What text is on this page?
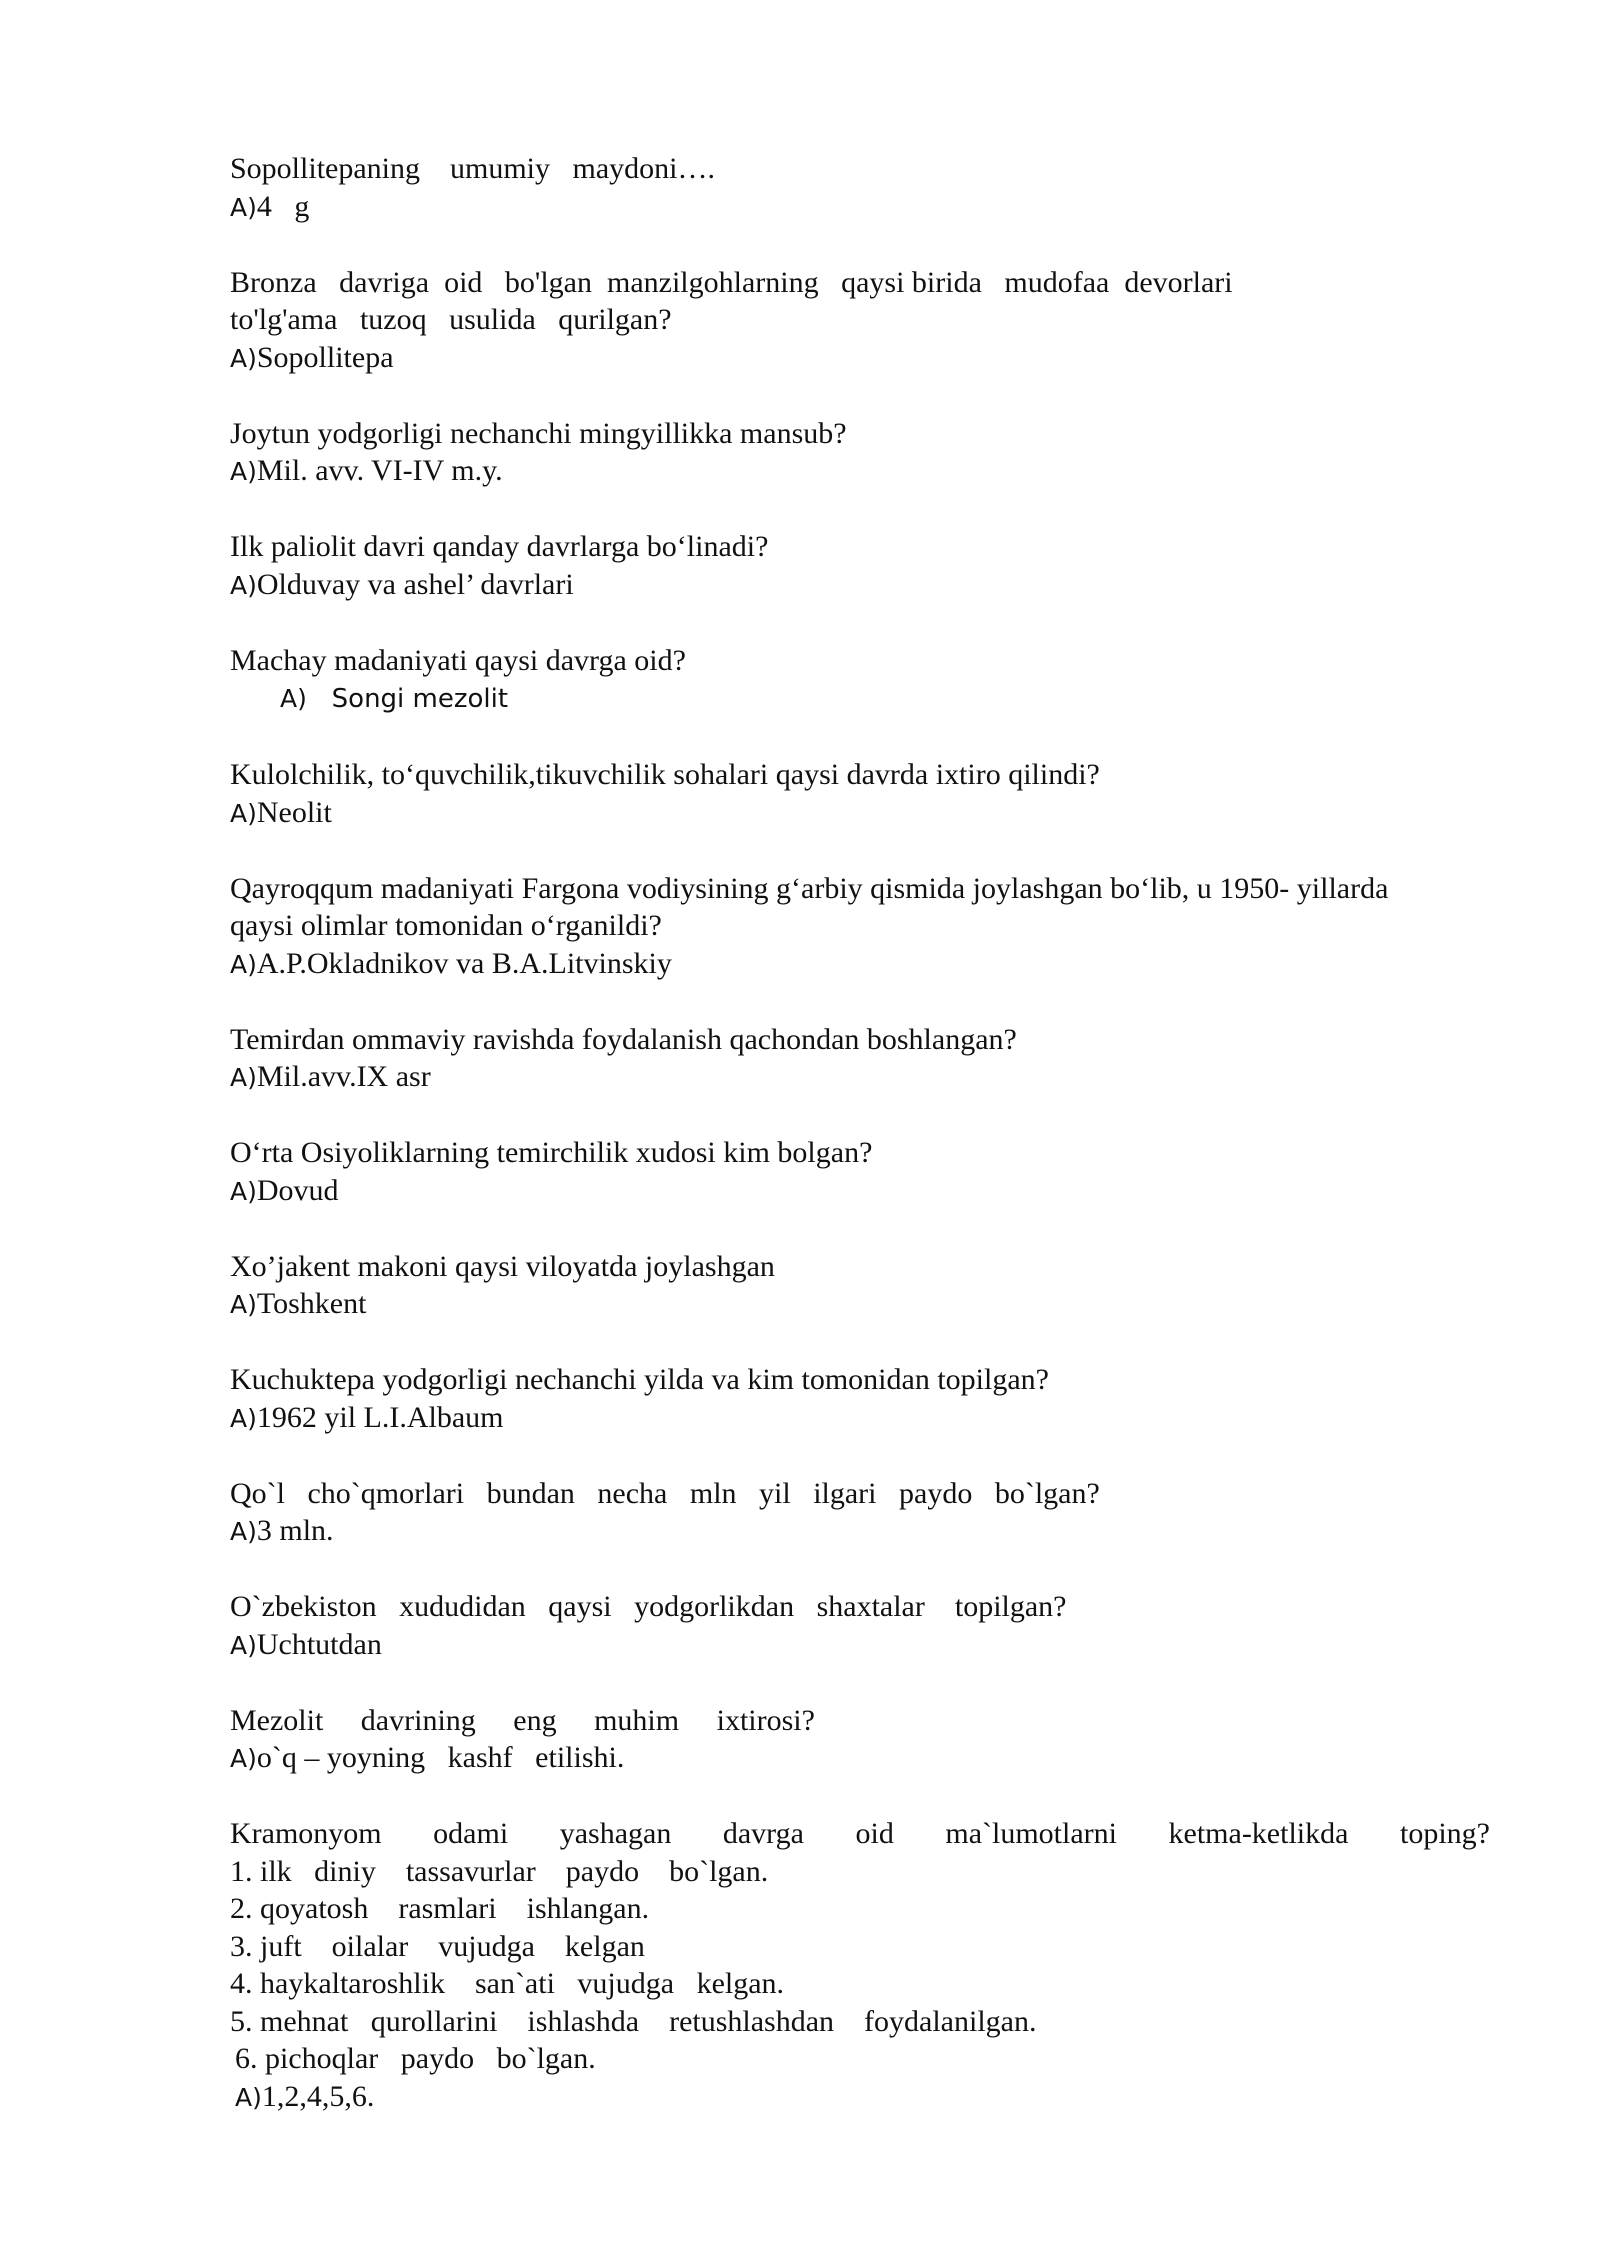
Sopollitepaning    umumiy   maydoni….
A)4   g
Bronza   davriga  oid   bo'lgan  manzilgohlarning   qaysi birida   mudofaa  devorlari
to'lg'ama   tuzoq   usulida   qurilgan?
A)Sopollitepa
Joytun yodgorligi nechanchi mingyillikka mansub?
A)Mil. avv. VI-IV m.y.
Ilk paliolit davri qanday davrlarga bo‘linadi?
A)Olduvay va ashel’ davrlari
Machay madaniyati qaysi davrga oid?
A) Songi mezolit
Kulolchilik, to‘quvchilik,tikuvchilik sohalari qaysi davrda ixtiro qilindi?
A)Neolit
Qayroqqum madaniyati Fargona vodiysining g‘arbiy qismida joylashgan bo‘lib, u 1950- yillarda
qaysi olimlar tomonidan o‘rganildi?
A)A.P.Okladnikov va B.A.Litvinskiy
Temirdan ommaviy ravishda foydalanish qachondan boshlangan?
A)Mil.avv.IX asr
O‘rta Osiyoliklarning temirchilik xudosi kim bolgan?
A)Dovud
Xo’jakent makoni qaysi viloyatda joylashgan
A)Toshkent
Kuchuktepa yodgorligi nechanchi yilda va kim tomonidan topilgan?
A)1962 yil L.I.Albaum
Qo`l   cho`qmorlari   bundan   necha   mln   yil   ilgari   paydo   bo`lgan?
A)3 mln.
O`zbekiston   xududidan   qaysi   yodgorlikdan   shaxtalar    topilgan?
A)Uchtutdan
Mezolit     davrining     eng     muhim     ixtirosi?
A)o`q – yoyning   kashf   etilishi.
Kramonyom odami yashagan davrga oid ma`lumotlarni ketma-ketlikda toping?
1. ilk   diniy    tassavurlar    paydo    bo`lgan.
2. qoyatosh    rasmlari    ishlangan.
3. juft    oilalar    vujudga    kelgan
4. haykaltaroshlik    san`ati   vujudga   kelgan.
5. mehnat   qurollarini    ishlashda    retushlashdan    foydalanilgan.
6. pichoqlar   paydo   bo`lgan.
A)1,2,4,5,6.
